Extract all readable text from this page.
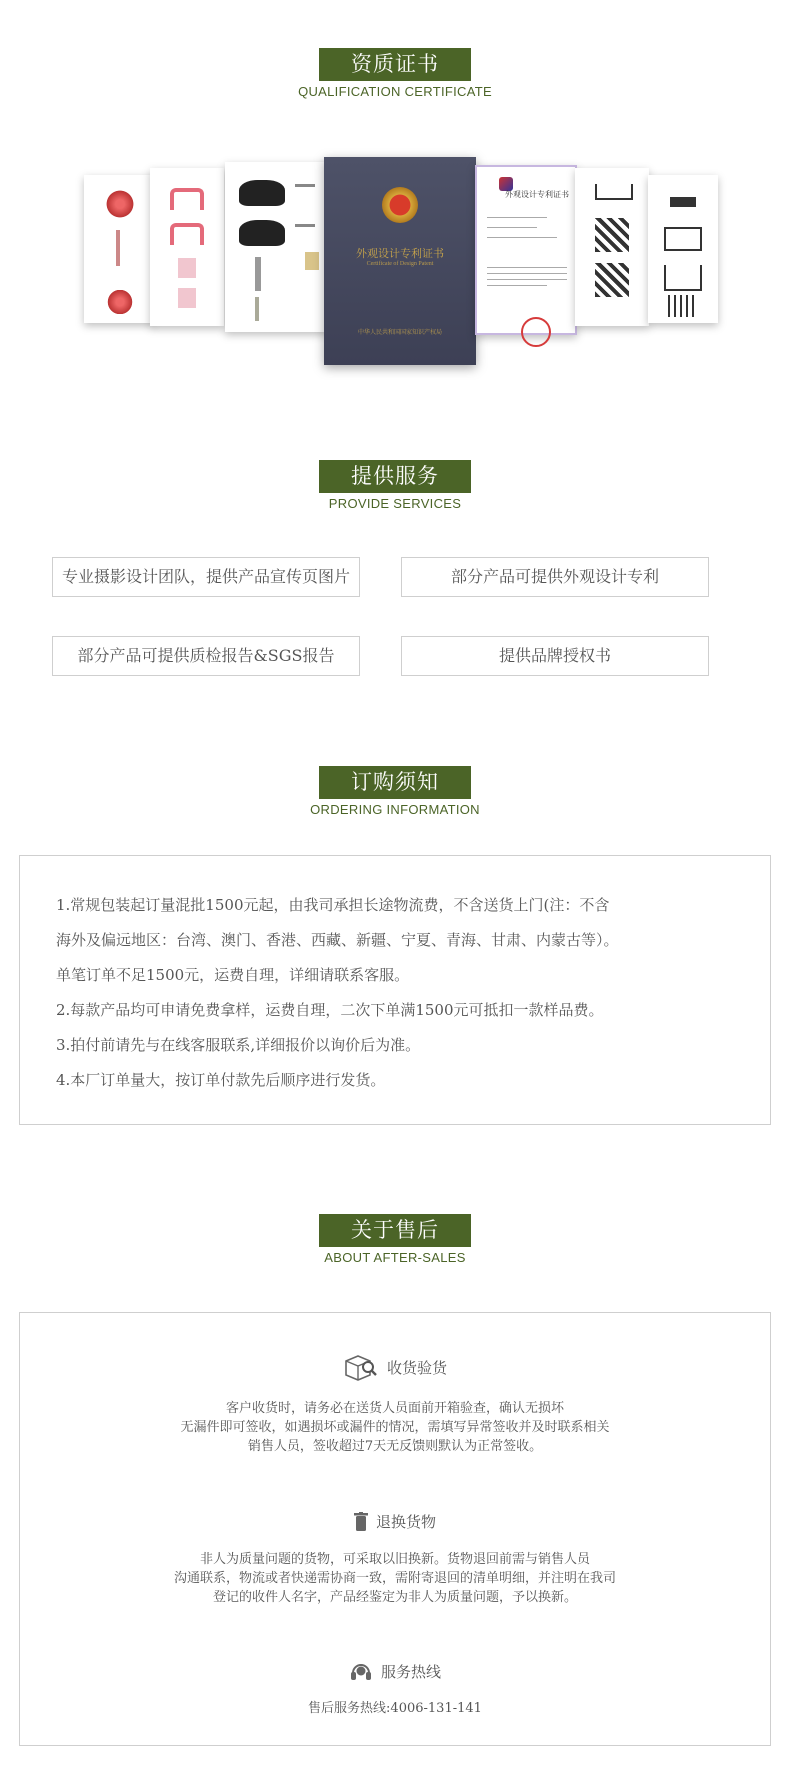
资质证书
QUALIFICATION CERTIFICATE
外观设计专利证书
Certificate of Design Patent
中华人民共和国国家知识产权局
外观设计专利证书
提供服务
PROVIDE SERVICES
专业摄影设计团队，提供产品宣传页图片	部分产品可提供外观设计专利
部分产品可提供质检报告&SGS报告	提供品牌授权书
订购须知
ORDERING INFORMATION
1.常规包装起订量混批1500元起，由我司承担长途物流费，不含送货上门(注：不含
海外及偏远地区：台湾、澳门、香港、西藏、新疆、宁夏、青海、甘肃、内蒙古等）。
单笔订单不足1500元，运费自理，详细请联系客服。
2.每款产品均可申请免费拿样，运费自理，二次下单满1500元可抵扣一款样品费。
3.拍付前请先与在线客服联系,详细报价以询价后为准。
4.本厂订单量大，按订单付款先后顺序进行发货。
关于售后
ABOUT AFTER-SALES
收货验货
客户收货时，请务必在送货人员面前开箱验查，确认无损坏
无漏件即可签收，如遇损坏或漏件的情况，需填写异常签收并及时联系相关
销售人员，签收超过7天无反馈则默认为正常签收。
退换货物
非人为质量问题的货物，可采取以旧换新。货物退回前需与销售人员
沟通联系，物流或者快递需协商一致，需附寄退回的清单明细，并注明在我司
登记的收件人名字，产品经鉴定为非人为质量问题，予以换新。
服务热线
售后服务热线:4006-131-141
